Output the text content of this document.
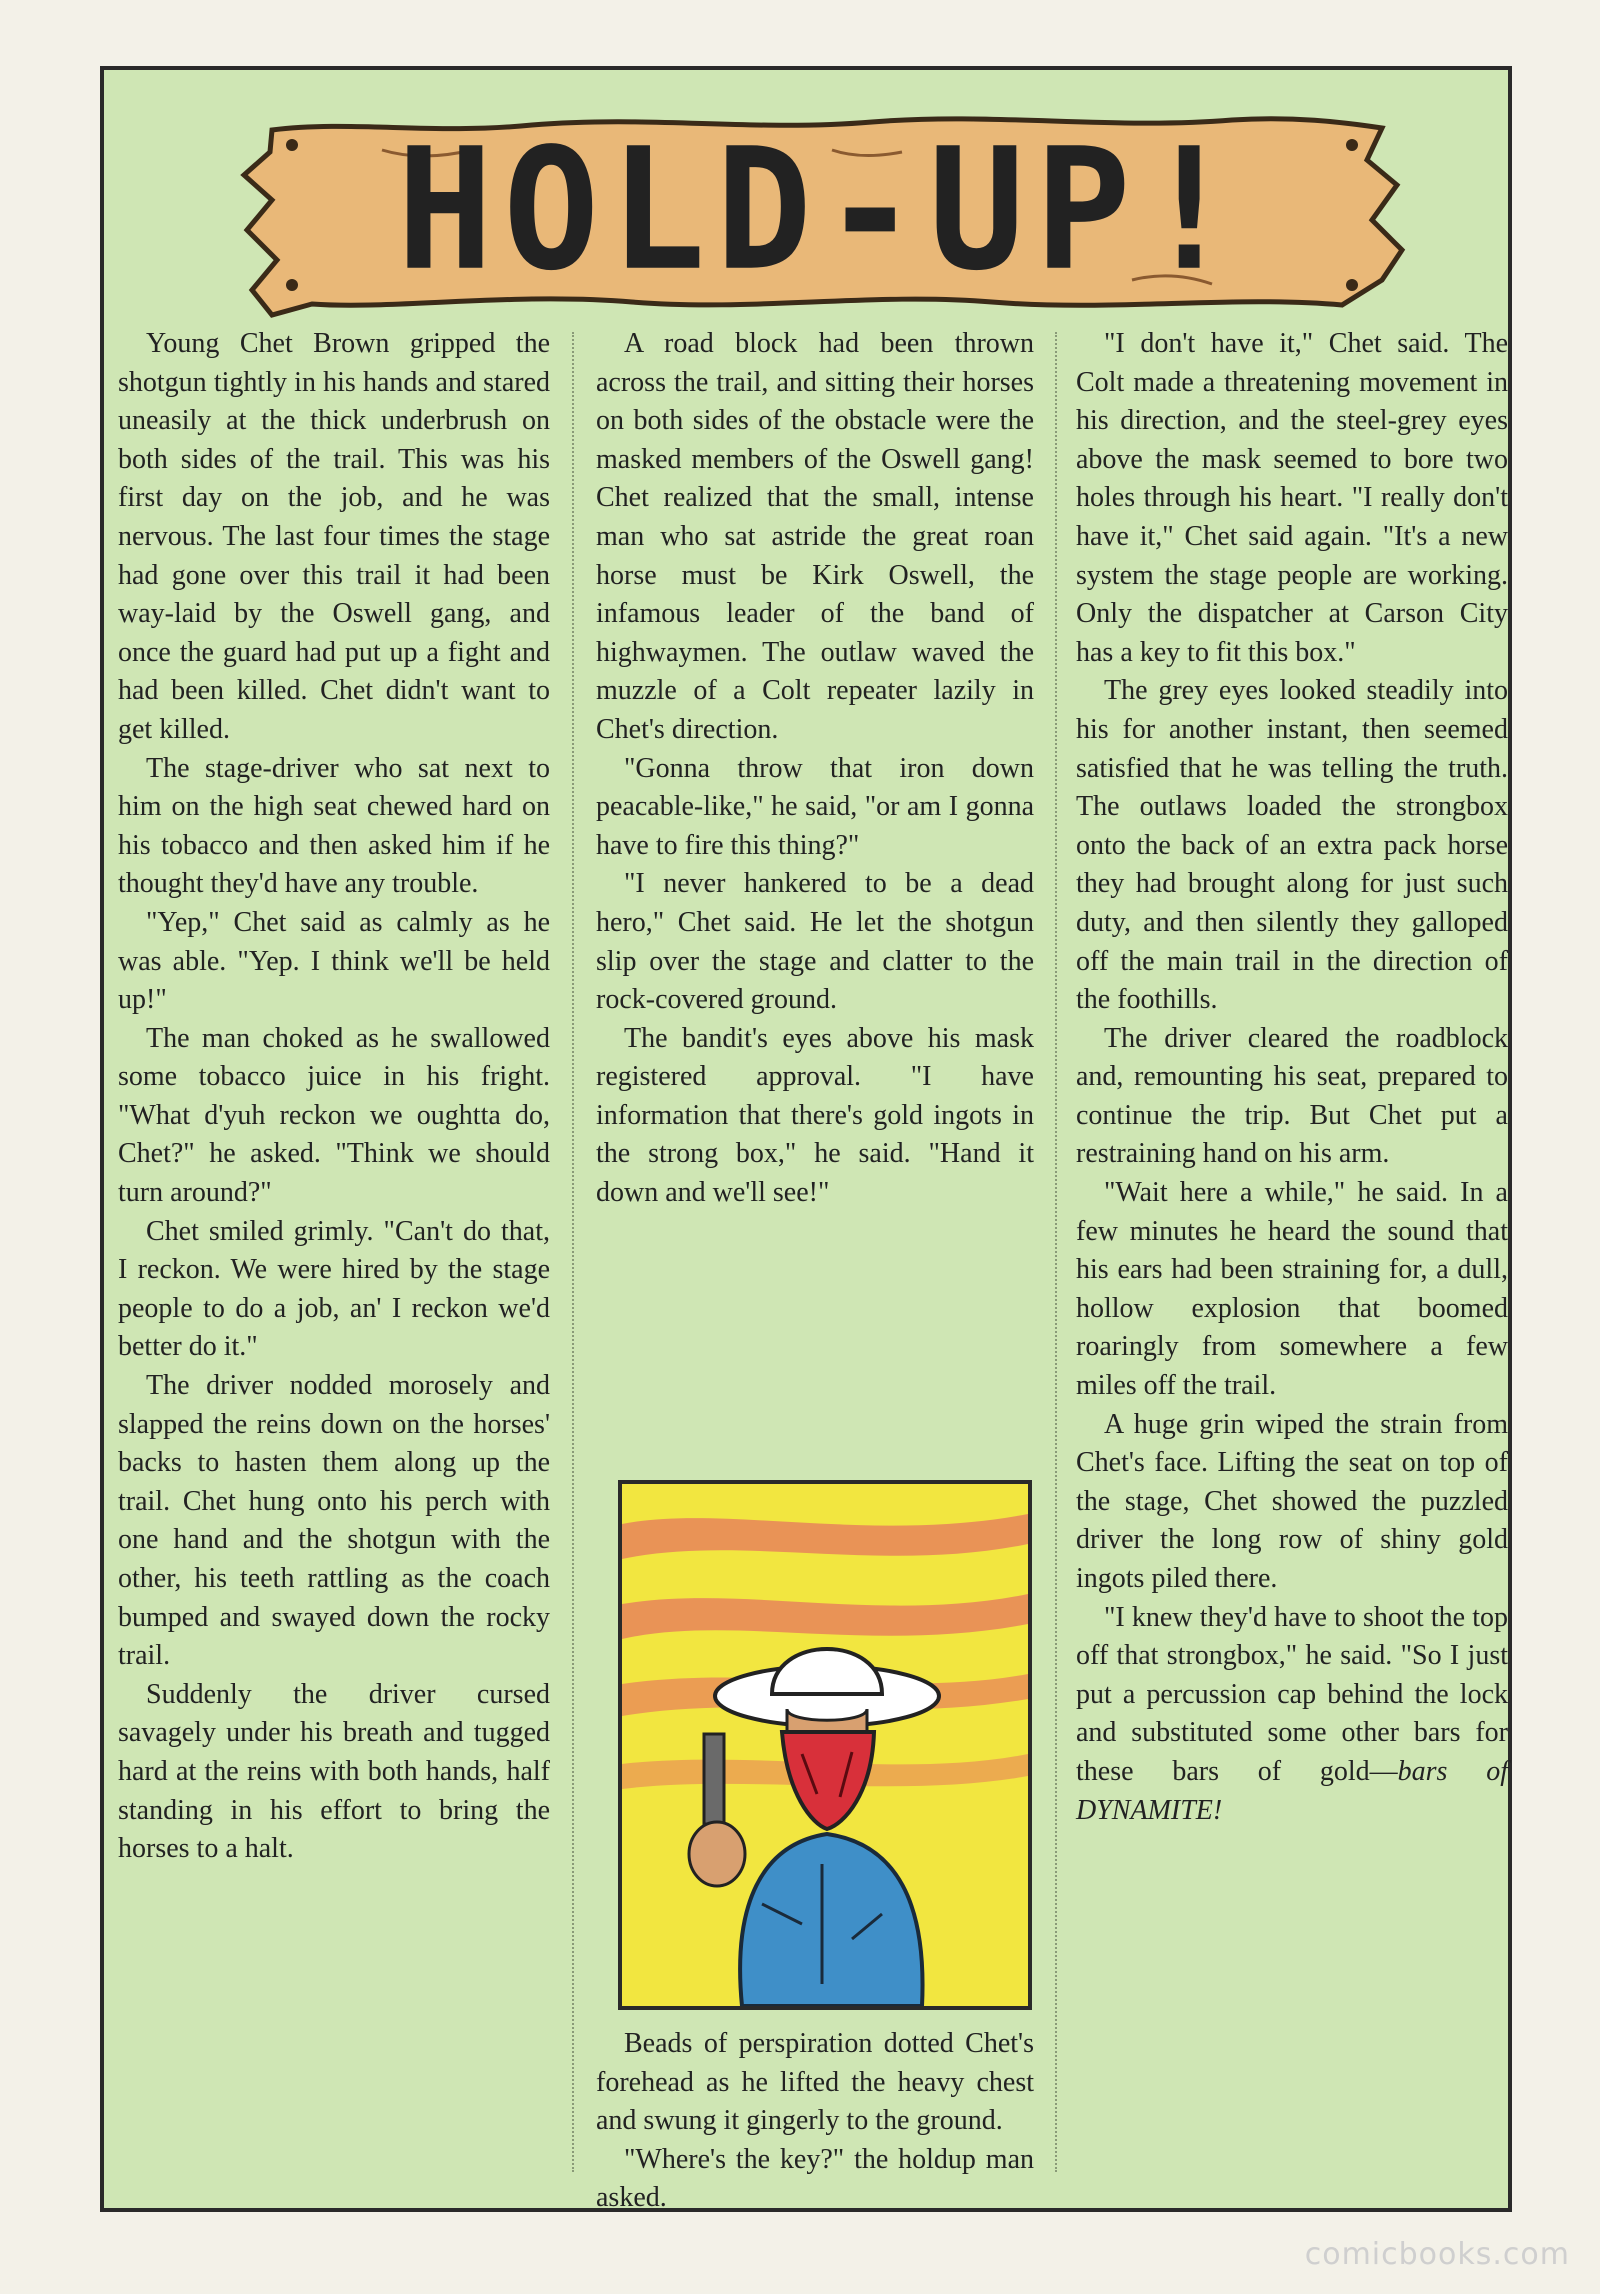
HOLD-UP!

Young Chet Brown gripped the shotgun tightly in his hands and stared uneasily at the thick underbrush on both sides of the trail. This was his first day on the job, and he was nervous. The last four times the stage had gone over this trail it had been way-laid by the Oswell gang, and once the guard had put up a fight and had been killed. Chet didn't want to get killed.

The stage-driver who sat next to him on the high seat chewed hard on his tobacco and then asked him if he thought they'd have any trouble.

"Yep," Chet said as calmly as he was able. "Yep. I think we'll be held up!"

The man choked as he swallowed some tobacco juice in his fright. "What d'yuh reckon we oughtta do, Chet?" he asked. "Think we should turn around?"

Chet smiled grimly. "Can't do that, I reckon. We were hired by the stage people to do a job, an' I reckon we'd better do it."

The driver nodded morosely and slapped the reins down on the horses' backs to hasten them along up the trail. Chet hung onto his perch with one hand and the shotgun with the other, his teeth rattling as the coach bumped and swayed down the rocky trail.

Suddenly the driver cursed savagely under his breath and tugged hard at the reins with both hands, half standing in his effort to bring the horses to a halt.

A road block had been thrown across the trail, and sitting their horses on both sides of the obstacle were the masked members of the Oswell gang! Chet realized that the small, intense man who sat astride the great roan horse must be Kirk Oswell, the infamous leader of the band of highwaymen. The outlaw waved the muzzle of a Colt repeater lazily in Chet's direction.

"Gonna throw that iron down peacable-like," he said, "or am I gonna have to fire this thing?"

"I never hankered to be a dead hero," Chet said. He let the shotgun slip over the stage and clatter to the rock-covered ground.

The bandit's eyes above his mask registered approval. "I have information that there's gold ingots in the strong box," he said. "Hand it down and we'll see!"

Beads of perspiration dotted Chet's forehead as he lifted the heavy chest and swung it gingerly to the ground.

"Where's the key?" the holdup man asked.

"I don't have it," Chet said. The Colt made a threatening movement in his direction, and the steel-grey eyes above the mask seemed to bore two holes through his heart. "I really don't have it," Chet said again. "It's a new system the stage people are working. Only the dispatcher at Carson City has a key to fit this box."

The grey eyes looked steadily into his for another instant, then seemed satisfied that he was telling the truth. The outlaws loaded the strongbox onto the back of an extra pack horse they had brought along for just such duty, and then silently they galloped off the main trail in the direction of the foothills.

The driver cleared the roadblock and, remounting his seat, prepared to continue the trip. But Chet put a restraining hand on his arm.

"Wait here a while," he said. In a few minutes he heard the sound that his ears had been straining for, a dull, hollow explosion that boomed roaringly from somewhere a few miles off the trail.

A huge grin wiped the strain from Chet's face. Lifting the seat on top of the stage, Chet showed the puzzled driver the long row of shiny gold ingots piled there.

"I knew they'd have to shoot the top off that strongbox," he said. "So I just put a percussion cap behind the lock and substituted some other bars for these bars of gold—bars of DYNAMITE!

comicbooks.com
